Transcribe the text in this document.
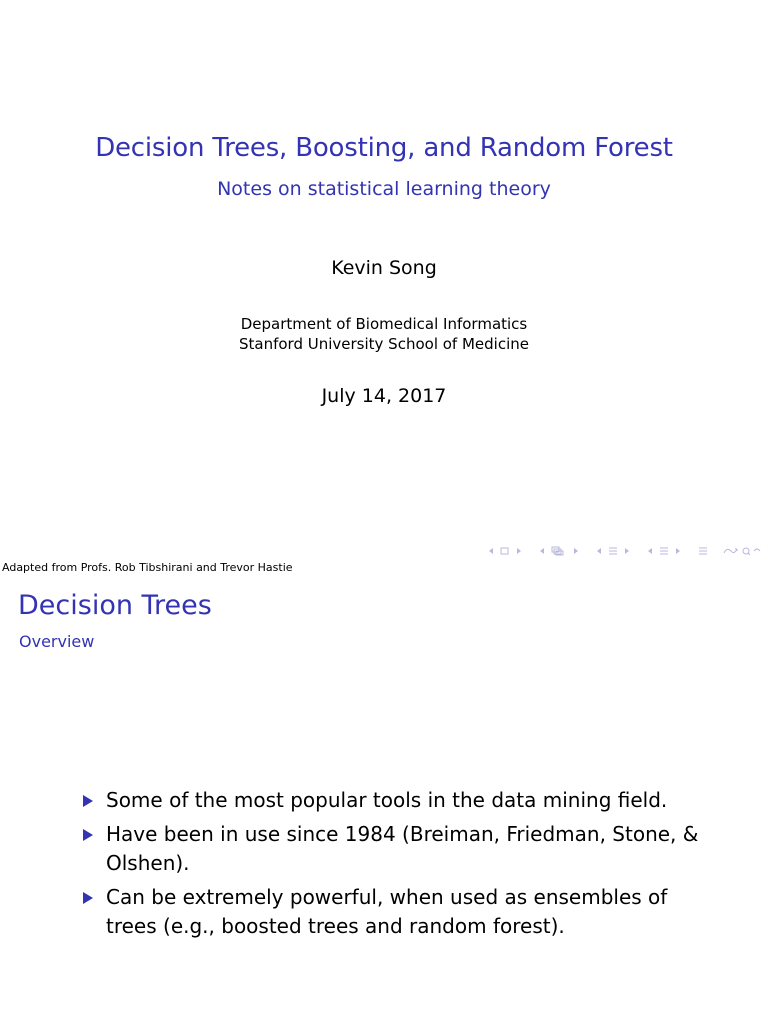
Decision Trees, Boosting, and Random Forest
Notes on statistical learning theory
Kevin Song
Department of Biomedical Informatics
Stanford University School of Medicine
July 14, 2017
Adapted from Profs. Rob Tibshirani and Trevor Hastie
Decision Trees
Overview
Some of the most popular tools in the data mining field.
Have been in use since 1984 (Breiman, Friedman, Stone, & Olshen).
Can be extremely powerful, when used as ensembles of trees (e.g., boosted trees and random forest).
